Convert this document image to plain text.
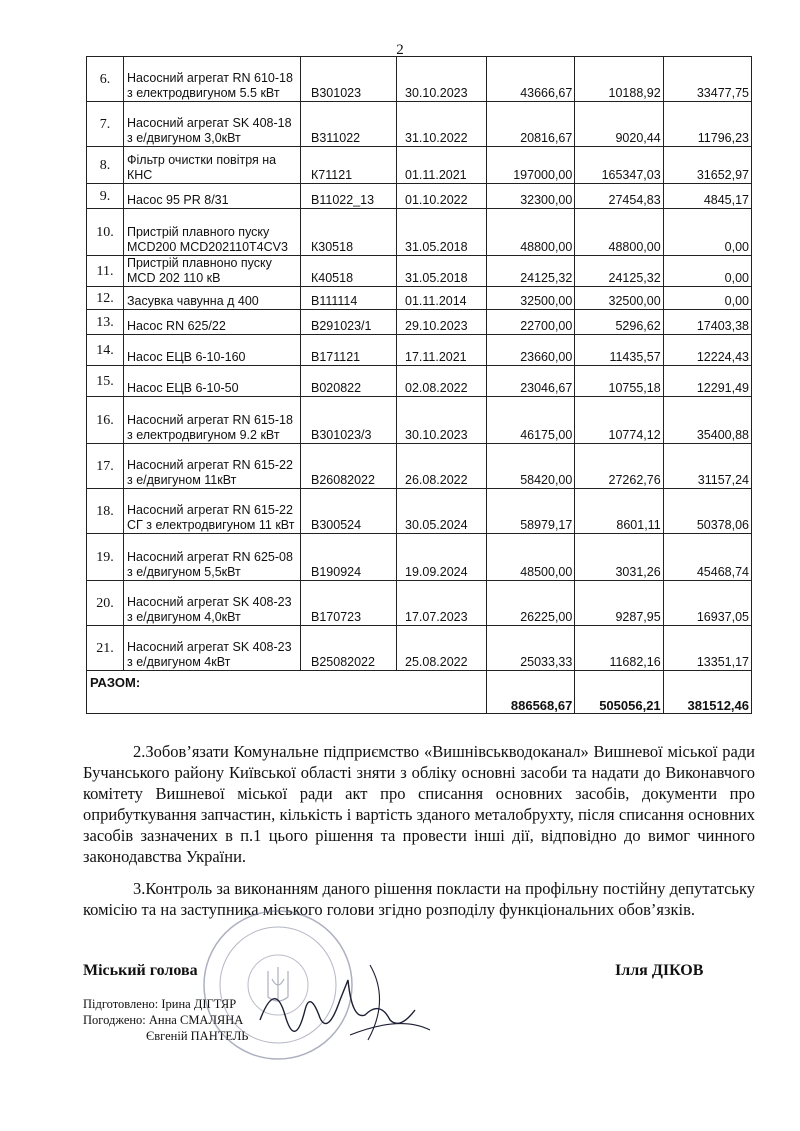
2
6.	Насосний агрегат RN 610-18 з електродвигуном 5.5 кВт	В301023	30.10.2023	43666,67	10188,92	33477,75
7.	Насосний агрегат SK 408-18 з е/двигуном 3,0кВт	В311022	31.10.2022	20816,67	9020,44	11796,23
8.	Фільтр очистки повітря на КНС	К71121	01.11.2021	197000,00	165347,03	31652,97
9.	Насос 95 PR 8/31	В11022_13	01.10.2022	32300,00	27454,83	4845,17
10.	Пристрій плавного пуску MCD200 MCD202110T4CV3	К30518	31.05.2018	48800,00	48800,00	0,00
11.	Пристрій плавноно пуску MCD 202 110 кВ	К40518	31.05.2018	24125,32	24125,32	0,00
12.	Засувка чавунна д 400	В111114	01.11.2014	32500,00	32500,00	0,00
13.	Насос RN 625/22	В291023/1	29.10.2023	22700,00	5296,62	17403,38
14.	Насос ЕЦВ 6-10-160	В171121	17.11.2021	23660,00	11435,57	12224,43
15.	Насос ЕЦВ 6-10-50	В020822	02.08.2022	23046,67	10755,18	12291,49
16.	Насосний агрегат RN 615-18 з електродвигуном 9.2 кВт	В301023/3	30.10.2023	46175,00	10774,12	35400,88
17.	Насосний агрегат RN 615-22 з е/двигуном 11кВт	В26082022	26.08.2022	58420,00	27262,76	31157,24
18.	Насосний агрегат RN 615-22 СГ з електродвигуном 11 кВт	В300524	30.05.2024	58979,17	8601,11	50378,06
19.	Насосний агрегат RN 625-08 з е/двигуном 5,5кВт	В190924	19.09.2024	48500,00	3031,26	45468,74
20.	Насосний агрегат SK 408-23 з е/двигуном 4,0кВт	В170723	17.07.2023	26225,00	9287,95	16937,05
21.	Насосний агрегат SK 408-23 з е/двигуном 4кВт	В25082022	25.08.2022	25033,33	11682,16	13351,17
РАЗОМ:				886568,67	505056,21	381512,46
2.Зобов’язати Комунальне підприємство «Вишнівськводоканал» Вишневої міської ради Бучанського району Київської області зняти з обліку основні засоби та надати до Виконавчого комітету Вишневої міської ради акт про списання основних засобів, документи про оприбуткування запчастин, кількість і вартість зданого металобрухту, після списання основних засобів зазначених в п.1 цього рішення та провести інші дії, відповідно до вимог чинного законодавства України.
3.Контроль за виконанням даного рішення покласти на профільну постійну депутатську комісію та на заступника міського голови згідно розподілу функціональних обов’язків.
Міський голова	Ілля ДІКОВ
Підготовлено: Ірина ДІГТЯР
Погоджено: Анна СМАЛЯНА
Євгеній ПАНТЕЛЬ
